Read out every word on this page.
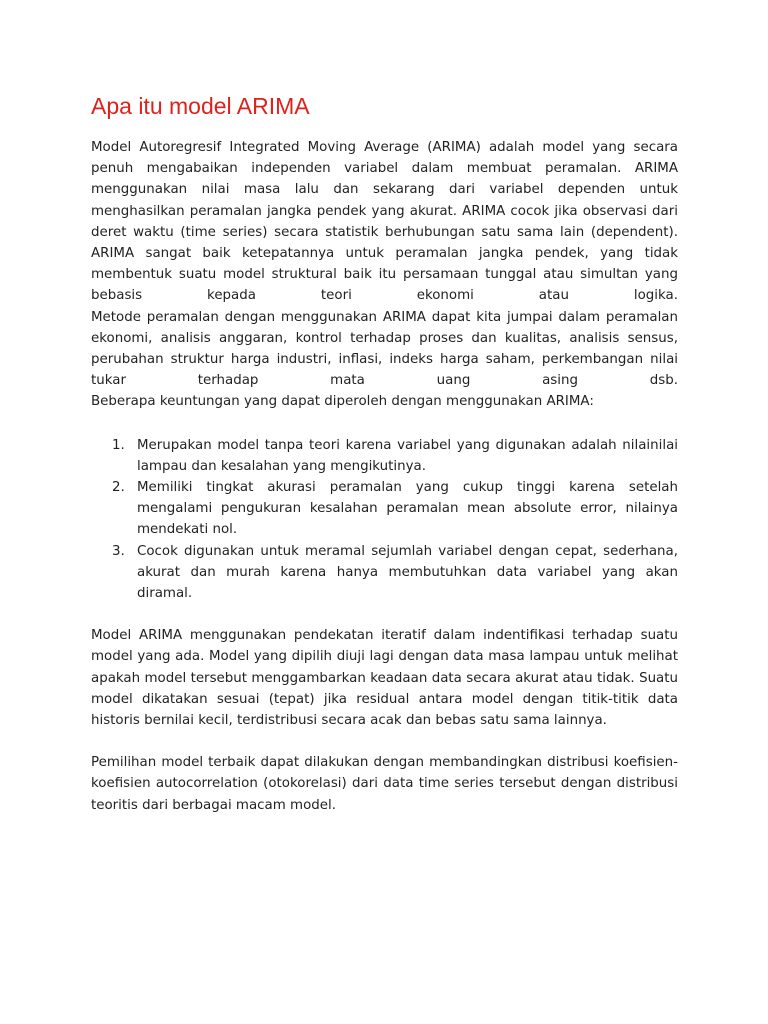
Apa itu model ARIMA

Model Autoregresif Integrated Moving Average (ARIMA) adalah model yang secara penuh mengabaikan independen variabel dalam membuat peramalan. ARIMA menggunakan nilai masa lalu dan sekarang dari variabel dependen untuk menghasilkan peramalan jangka pendek yang akurat. ARIMA cocok jika observasi dari deret waktu (time series) secara statistik berhubungan satu sama lain (dependent). ARIMA sangat baik ketepatannya untuk peramalan jangka pendek, yang tidak membentuk suatu model struktural baik itu persamaan tunggal atau simultan yang bebasis kepada teori ekonomi atau logika.

Metode peramalan dengan menggunakan ARIMA dapat kita jumpai dalam peramalan ekonomi, analisis anggaran, kontrol terhadap proses dan kualitas, analisis sensus, perubahan struktur harga industri, inflasi, indeks harga saham, perkembangan nilai tukar terhadap mata uang asing dsb.

Beberapa keuntungan yang dapat diperoleh dengan menggunakan ARIMA:

1. Merupakan model tanpa teori karena variabel yang digunakan adalah nilainilai lampau dan kesalahan yang mengikutinya.
2. Memiliki tingkat akurasi peramalan yang cukup tinggi karena setelah mengalami pengukuran kesalahan peramalan mean absolute error, nilainya mendekati nol.
3. Cocok digunakan untuk meramal sejumlah variabel dengan cepat, sederhana, akurat dan murah karena hanya membutuhkan data variabel yang akan diramal.

Model ARIMA menggunakan pendekatan iteratif dalam indentifikasi terhadap suatu model yang ada. Model yang dipilih diuji lagi dengan data masa lampau untuk melihat apakah model tersebut menggambarkan keadaan data secara akurat atau tidak. Suatu model dikatakan sesuai (tepat) jika residual antara model dengan titik-titik data historis bernilai kecil, terdistribusi secara acak dan bebas satu sama lainnya.

Pemilihan model terbaik dapat dilakukan dengan membandingkan distribusi koefisien-koefisien autocorrelation (otokorelasi) dari data time series tersebut dengan distribusi teoritis dari berbagai macam model.
